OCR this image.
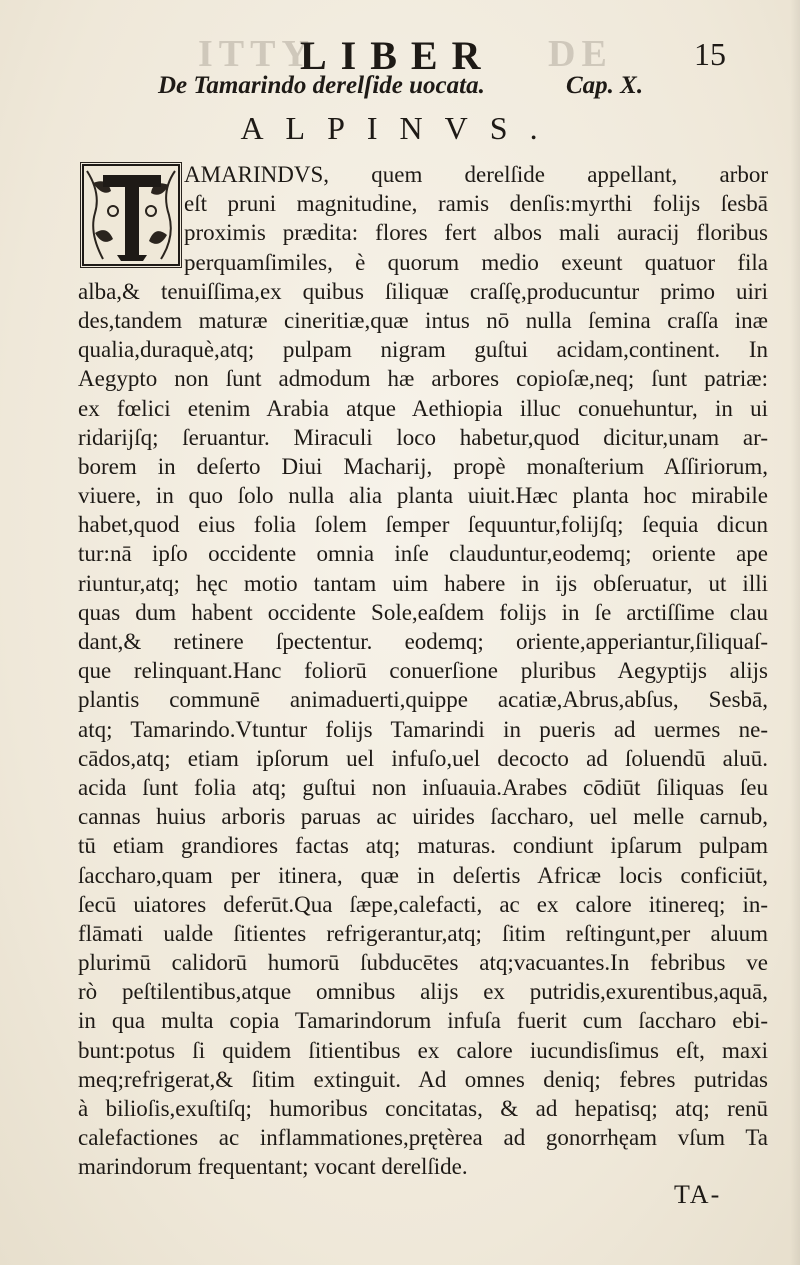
ITTY
LIBER DE	15
De Tamarindo derelſide uocata.	Cap. X.
ALPINVS.
AMARINDVS, quem derelſide appellant, arbor
eſt pruni magnitudine, ramis denſis:myrthi folijs ſesbā
proximis prædita: flores fert albos mali auracij floribus
perquamſimiles, è quorum medio exeunt quatuor fila
alba,& tenuiſſima,ex quibus ſiliquæ craſſę,producuntur primo uiri
des,tandem maturæ cineritiæ,quæ intus nō nulla ſemina craſſa inæ
qualia,duraquè,atq; pulpam nigram guſtui acidam,continent. In
Aegypto non ſunt admodum hæ arbores copioſæ,neq; ſunt patriæ:
ex fœlici etenim Arabia atque Aethiopia illuc conuehuntur, in ui
ridarijſq; ſeruantur. Miraculi loco habetur,quod dicitur,unam ar-
borem in deſerto Diui Macharij, propè monaſterium Aſſiriorum,
viuere, in quo ſolo nulla alia planta uiuit.Hæc planta hoc mirabile
habet,quod eius folia ſolem ſemper ſequuntur,folijſq; ſequia dicun
tur:nā ipſo occidente omnia inſe clauduntur,eodemq; oriente ape
riuntur,atq; hęc motio tantam uim habere in ijs obſeruatur, ut illi
quas dum habent occidente Sole,eaſdem folijs in ſe arctiſſime clau
dant,& retinere ſpectentur. eodemq; oriente,apperiantur,ſiliquaſ-
que relinquant.Hanc foliorū conuerſione pluribus Aegyptijs alijs
plantis communē animaduerti,quippe acatiæ,Abrus,abſus, Sesbā,
atq; Tamarindo.Vtuntur folijs Tamarindi in pueris ad uermes ne-
cādos,atq; etiam ipſorum uel infuſo,uel decocto ad ſoluendū aluū.
acida ſunt folia atq; guſtui non inſuauia.Arabes cōdiūt ſiliquas ſeu
cannas huius arboris paruas ac uirides ſaccharo, uel melle carnub,
tū etiam grandiores factas atq; maturas. condiunt ipſarum pulpam
ſaccharo,quam per itinera, quæ in deſertis Africæ locis conficiūt,
ſecū uiatores deferūt.Qua ſæpe,calefacti, ac ex calore itinereq; in-
flāmati ualde ſitientes refrigerantur,atq; ſitim reſtingunt,per aluum
plurimū calidorū humorū ſubducētes atq;vacuantes.In febribus ve
rò peſtilentibus,atque omnibus alijs ex putridis,exurentibus,aquā,
in qua multa copia Tamarindorum infuſa fuerit cum ſaccharo ebi-
bunt:potus ſi quidem ſitientibus ex calore iucundisſimus eſt, maxi
meq;refrigerat,& ſitim extinguit. Ad omnes deniq; febres putridas
à bilioſis,exuſtiſq; humoribus concitatas, & ad hepatisq; atq; renū
calefactiones ac inflammationes,prętèrea ad gonorrhęam vſum Ta
marindorum frequentant; vocant derelſide.
TA-
